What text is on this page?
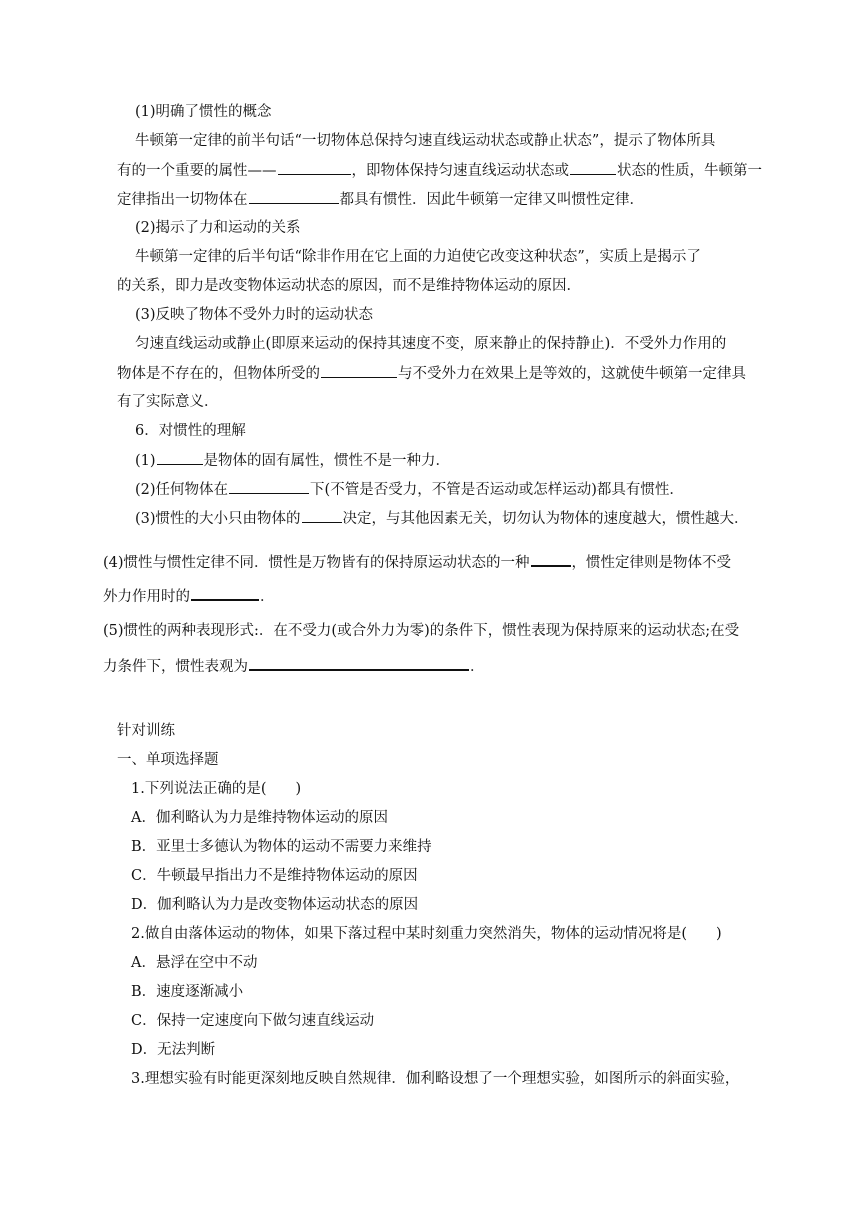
(1)明确了惯性的概念
牛顿第一定律的前半句话“一切物体总保持匀速直线运动状态或静止状态”，提示了物体所具
有的一个重要的属性——	，即物体保持匀速直线运动状态或	状态的性质，牛顿第一
定律指出一切物体在	都具有惯性．因此牛顿第一定律又叫惯性定律．
(2)揭示了力和运动的关系
牛顿第一定律的后半句话“除非作用在它上面的力迫使它改变这种状态”，实质上是揭示了
的关系，即力是改变物体运动状态的原因，而不是维持物体运动的原因．
(3)反映了物体不受外力时的运动状态
匀速直线运动或静止(即原来运动的保持其速度不变，原来静止的保持静止)．不受外力作用的
物体是不存在的，但物体所受的	与不受外力在效果上是等效的，这就使牛顿第一定律具
有了实际意义．
6．对惯性的理解
(1)	是物体的固有属性，惯性不是一种力．
(2)任何物体在	下(不管是否受力，不管是否运动或怎样运动)都具有惯性．
(3)惯性的大小只由物体的	决定，与其他因素无关，切勿认为物体的速度越大，惯性越大．
(4)惯性与惯性定律不同．惯性是万物皆有的保持原运动状态的一种	，惯性定律则是物体不受
外力作用时的	．
(5)惯性的两种表现形式:．在不受力(或合外力为零)的条件下，惯性表现为保持原来的运动状态;在受
力条件下，惯性表观为	．
针对训练
一、单项选择题
1.下列说法正确的是(　　)
A．伽利略认为力是维持物体运动的原因
B．亚里士多德认为物体的运动不需要力来维持
C．牛顿最早指出力不是维持物体运动的原因
D．伽利略认为力是改变物体运动状态的原因
2.做自由落体运动的物体，如果下落过程中某时刻重力突然消失，物体的运动情况将是(　　)
A．悬浮在空中不动
B．速度逐渐减小
C．保持一定速度向下做匀速直线运动
D．无法判断
3.理想实验有时能更深刻地反映自然规律．伽利略设想了一个理想实验，如图所示的斜面实验，
